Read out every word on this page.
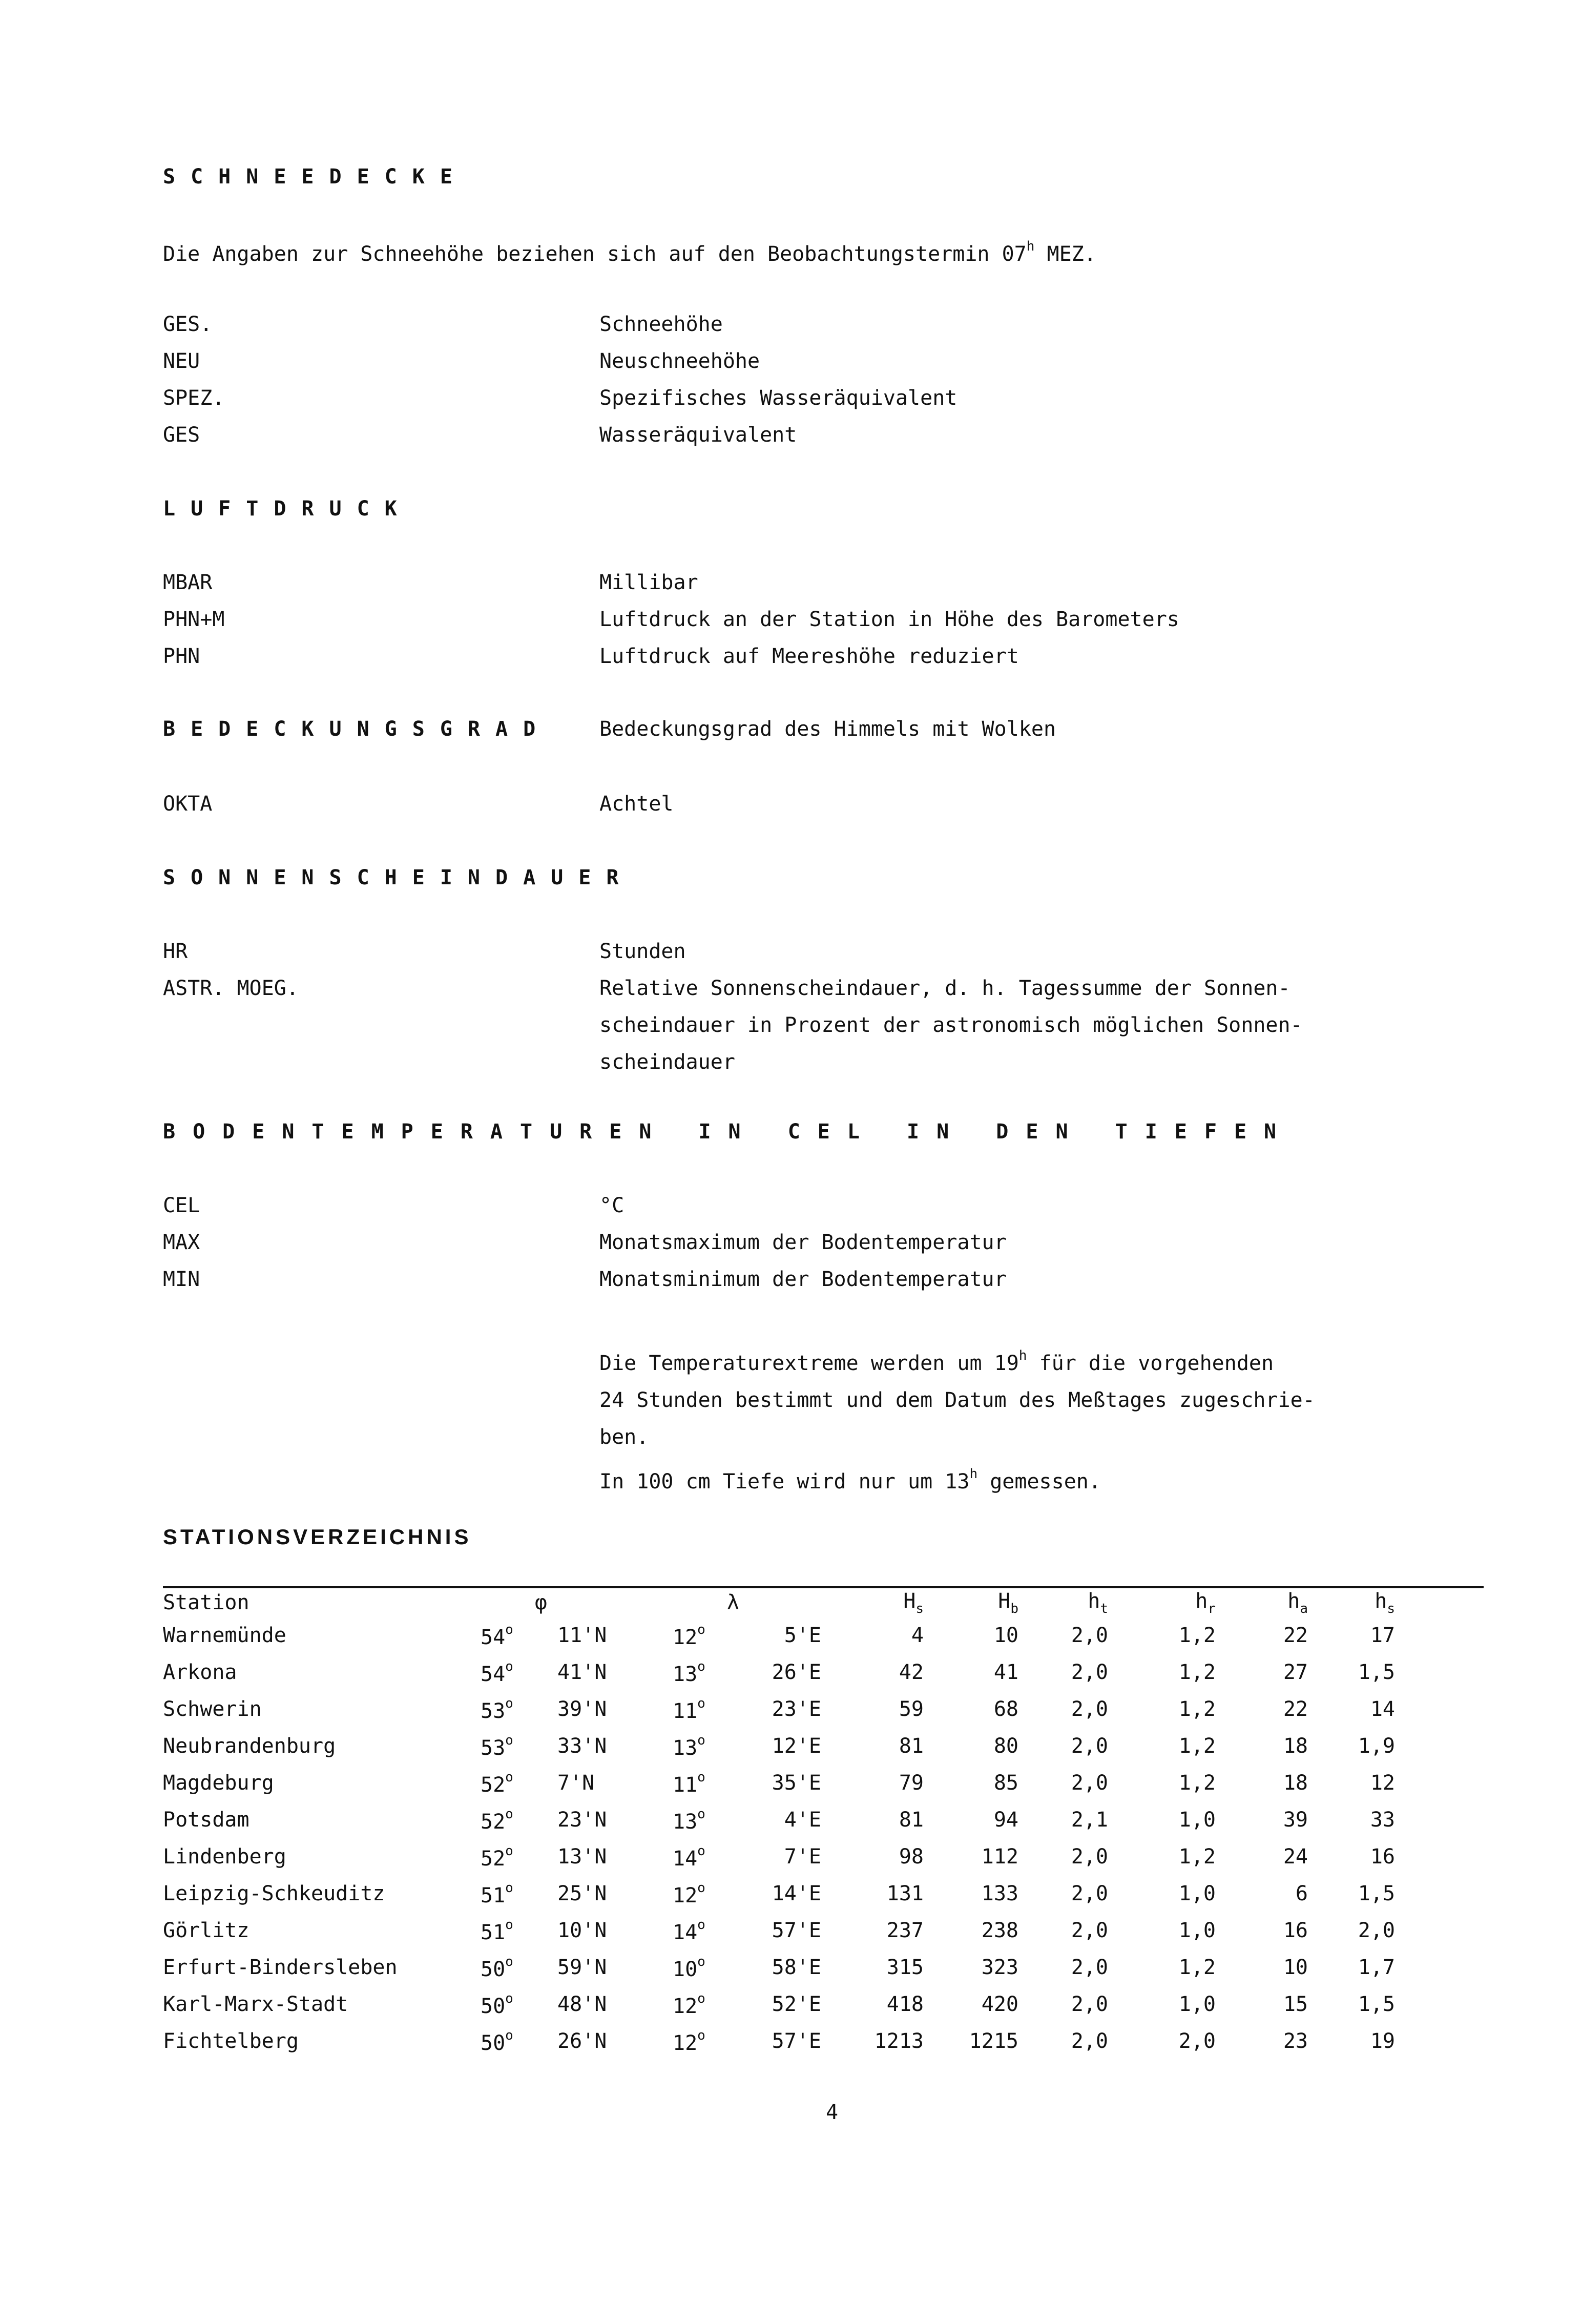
SCHNEEDECKE
Die Angaben zur Schneehöhe beziehen sich auf den Beobachtungstermin 07$^h$ MEZ.
GES.	Schneehöhe
NEU	Neuschneehöhe
SPEZ.	Spezifisches Wasseräquivalent
GES	Wasseräquivalent
LUFTDRUCK
MBAR	Millibar
PHN+M	Luftdruck an der Station in Höhe des Barometers
PHN	Luftdruck auf Meereshöhe reduziert
BEDECKUNGSGRAD Bedeckungsgrad des Himmels mit Wolken
OKTA	Achtel
SONNENSCHEINDAUER
HR	Stunden
ASTR. MOEG.	Relative Sonnenscheindauer, d. h. Tagessumme der Sonnen-
scheindauer in Prozent der astronomisch möglichen Sonnen-
scheindauer
BODENTEMPERATUREN IN CEL IN DEN TIEFEN
CEL	°C
MAX	Monatsmaximum der Bodentemperatur
MIN	Monatsminimum der Bodentemperatur
Die Temperaturextreme werden um 19$^h$ für die vorgehenden
24 Stunden bestimmt und dem Datum des Meßtages zugeschrie-
ben.
In 100 cm Tiefe wird nur um 13$^h$ gemessen.
STATIONSVERZEICHNIS
Station	φ		λ		$H_s$	$H_b$	$h_t$	$h_r$	$h_a$	$h_s$
Warnemünde	54$^o$	11'N	12$^o$	5'E	4	10	2,0	1,2	22	17
Arkona	54$^o$	41'N	13$^o$	26'E	42	41	2,0	1,2	27	1,5
Schwerin	53$^o$	39'N	11$^o$	23'E	59	68	2,0	1,2	22	14
Neubrandenburg	53$^o$	33'N	13$^o$	12'E	81	80	2,0	1,2	18	1,9
Magdeburg	52$^o$	7'N	11$^o$	35'E	79	85	2,0	1,2	18	12
Potsdam	52$^o$	23'N	13$^o$	4'E	81	94	2,1	1,0	39	33
Lindenberg	52$^o$	13'N	14$^o$	7'E	98	112	2,0	1,2	24	16
Leipzig-Schkeuditz	51$^o$	25'N	12$^o$	14'E	131	133	2,0	1,0	6	1,5
Görlitz	51$^o$	10'N	14$^o$	57'E	237	238	2,0	1,0	16	2,0
Erfurt-Bindersleben	50$^o$	59'N	10$^o$	58'E	315	323	2,0	1,2	10	1,7
Karl-Marx-Stadt	50$^o$	48'N	12$^o$	52'E	418	420	2,0	1,0	15	1,5
Fichtelberg	50$^o$	26'N	12$^o$	57'E	1213	1215	2,0	2,0	23	19
4
